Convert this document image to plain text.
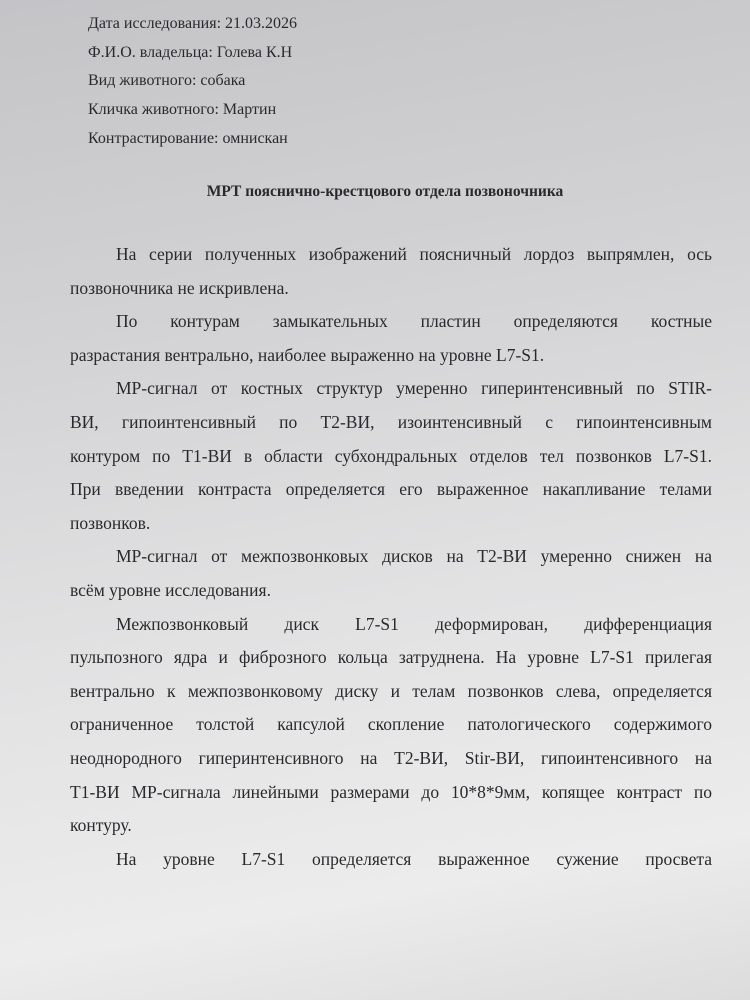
Дата исследования: 21.03.2026
Ф.И.О. владельца: Голева К.Н
Вид животного: собака
Кличка животного: Мартин
Контрастирование: омнискан
МРТ пояснично-крестцового отдела позвоночника
На серии полученных изображений поясничный лордоз выпрямлен, ось
позвоночника не искривлена.
По контурам замыкательных пластин определяются костные
разрастания вентрально, наиболее выраженно на уровне L7-S1.
МР-сигнал от костных структур умеренно гиперинтенсивный по STIR-
ВИ, гипоинтенсивный по T2-ВИ, изоинтенсивный с гипоинтенсивным
контуром по T1-ВИ в области субхондральных отделов тел позвонков L7-S1.
При введении контраста определяется его выраженное накапливание телами
позвонков.
МР-сигнал от межпозвонковых дисков на T2-ВИ умеренно снижен на
всём уровне исследования.
Межпозвонковый диск L7-S1 деформирован, дифференциация
пульпозного ядра и фиброзного кольца затруднена. На уровне L7-S1 прилегая
вентрально к межпозвонковому диску и телам позвонков слева, определяется
ограниченное толстой капсулой скопление патологического содержимого
неоднородного гиперинтенсивного на T2-ВИ, Stir-ВИ, гипоинтенсивного на
T1-ВИ МР-сигнала линейными размерами до 10*8*9мм, копящее контраст по
контуру.
На уровне L7-S1 определяется выраженное сужение просвета
